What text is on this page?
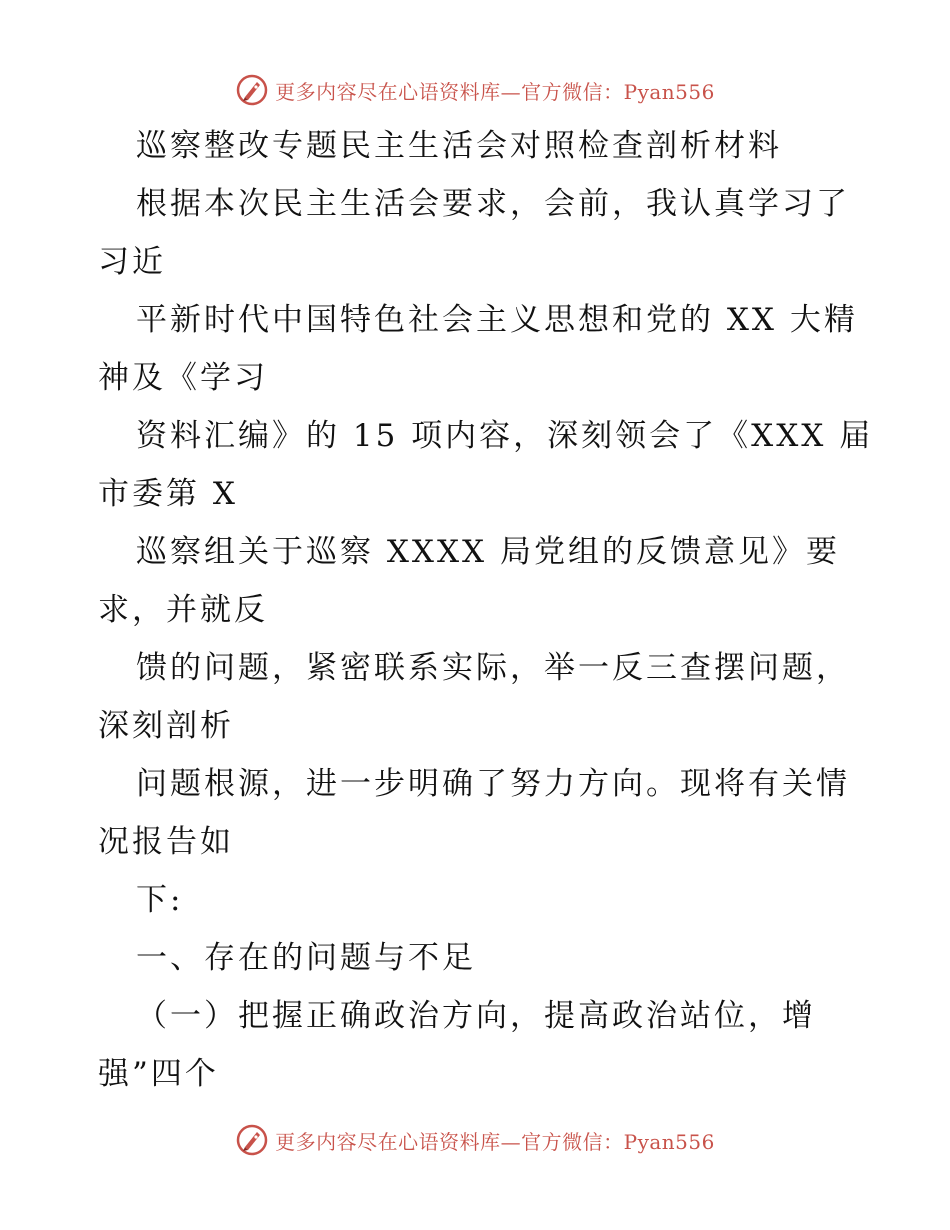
更多内容尽在心语资料库—官方微信：Pyan556
巡察整改专题民主生活会对照检查剖析材料
根据本次民主生活会要求，会前，我认真学习了
习近
平新时代中国特色社会主义思想和党的 XX 大精
神及《学习
资料汇编》的 15 项内容，深刻领会了《XXX 届
市委第 X
巡察组关于巡察 XXXX 局党组的反馈意见》要
求，并就反
馈的问题，紧密联系实际，举一反三查摆问题，
深刻剖析
问题根源，进一步明确了努力方向。现将有关情
况报告如
下:
一、存在的问题与不足
（一）把握正确政治方向，提高政治站位，增
强”四个
更多内容尽在心语资料库—官方微信：Pyan556
